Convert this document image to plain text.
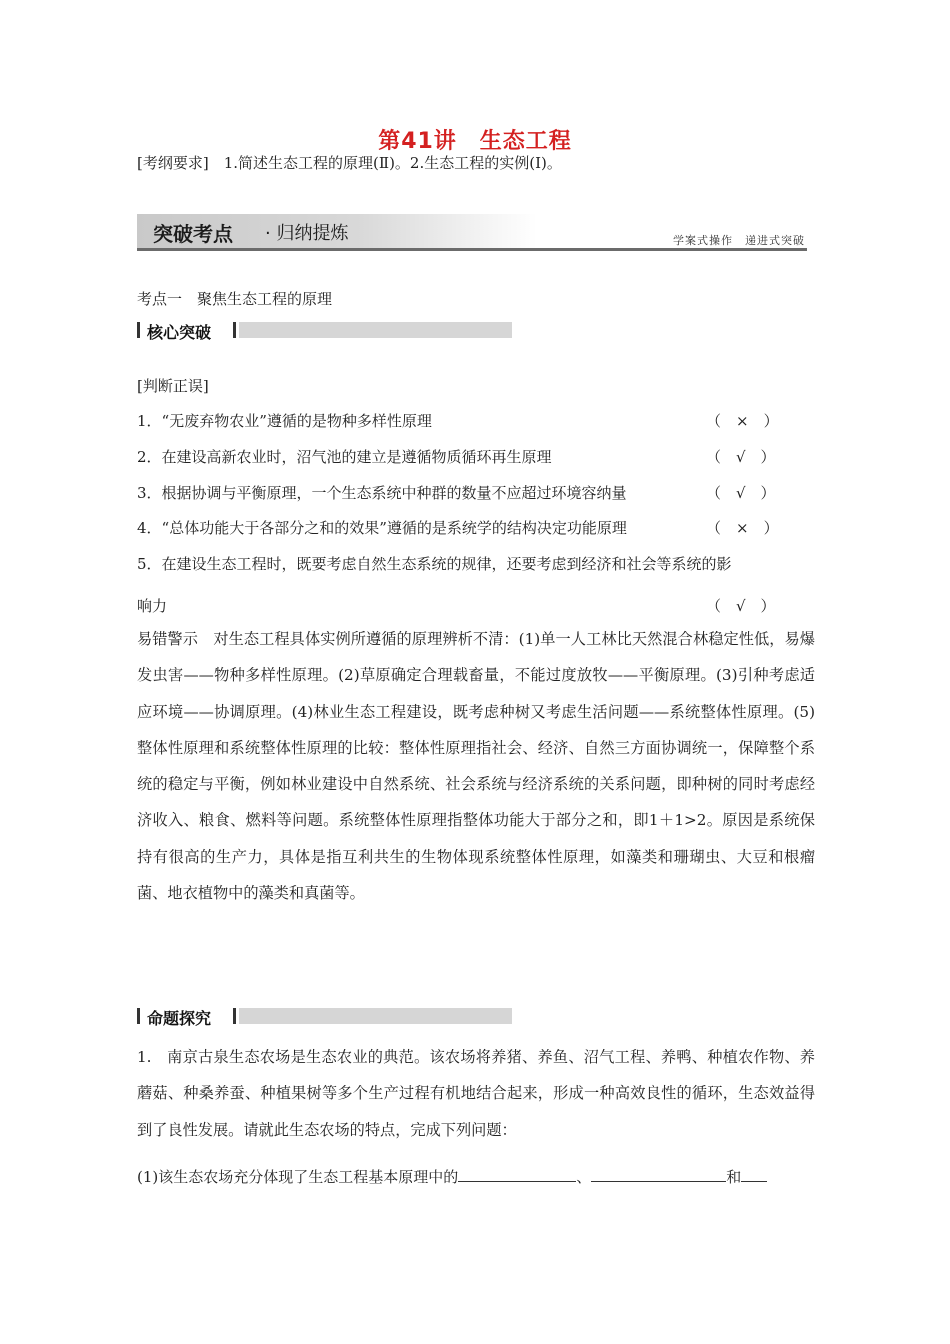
第41讲　生态工程
[考纲要求]　1.简述生态工程的原理(Ⅱ)。2.生态工程的实例(Ⅰ)。
突破考点 · 归纳提炼	学案式操作　递进式突破
考点一　聚焦生态工程的原理
核心突破
[判断正误]
1．“无废弃物农业”遵循的是物种多样性原理	（　×　）
2．在建设高新农业时，沼气池的建立是遵循物质循环再生原理	（　√　）
3．根据协调与平衡原理，一个生态系统中种群的数量不应超过环境容纳量	（　√　）
4．“总体功能大于各部分之和的效果”遵循的是系统学的结构决定功能原理	（　×　）
5．在建设生态工程时，既要考虑自然生态系统的规律，还要考虑到经济和社会等系统的影
响力	（　√　）
易错警示　对生态工程具体实例所遵循的原理辨析不清：(1)单一人工林比天然混合林稳定性低，易爆发虫害——物种多样性原理。(2)草原确定合理载畜量，不能过度放牧——平衡原理。(3)引种考虑适应环境——协调原理。(4)林业生态工程建设，既考虑种树又考虑生活问题——系统整体性原理。(5)整体性原理和系统整体性原理的比较：整体性原理指社会、经济、自然三方面协调统一，保障整个系统的稳定与平衡，例如林业建设中自然系统、社会系统与经济系统的关系问题，即种树的同时考虑经济收入、粮食、燃料等问题。系统整体性原理指整体功能大于部分之和，即1＋1>2。原因是系统保持有很高的生产力，具体是指互利共生的生物体现系统整体性原理，如藻类和珊瑚虫、大豆和根瘤菌、地衣植物中的藻类和真菌等。
命题探究
1.　南京古泉生态农场是生态农业的典范。该农场将养猪、养鱼、沼气工程、养鸭、种植农作物、养蘑菇、种桑养蚕、种植果树等多个生产过程有机地结合起来，形成一种高效良性的循环，生态效益得到了良性发展。请就此生态农场的特点，完成下列问题：
(1)该生态农场充分体现了生态工程基本原理中的	、	和
